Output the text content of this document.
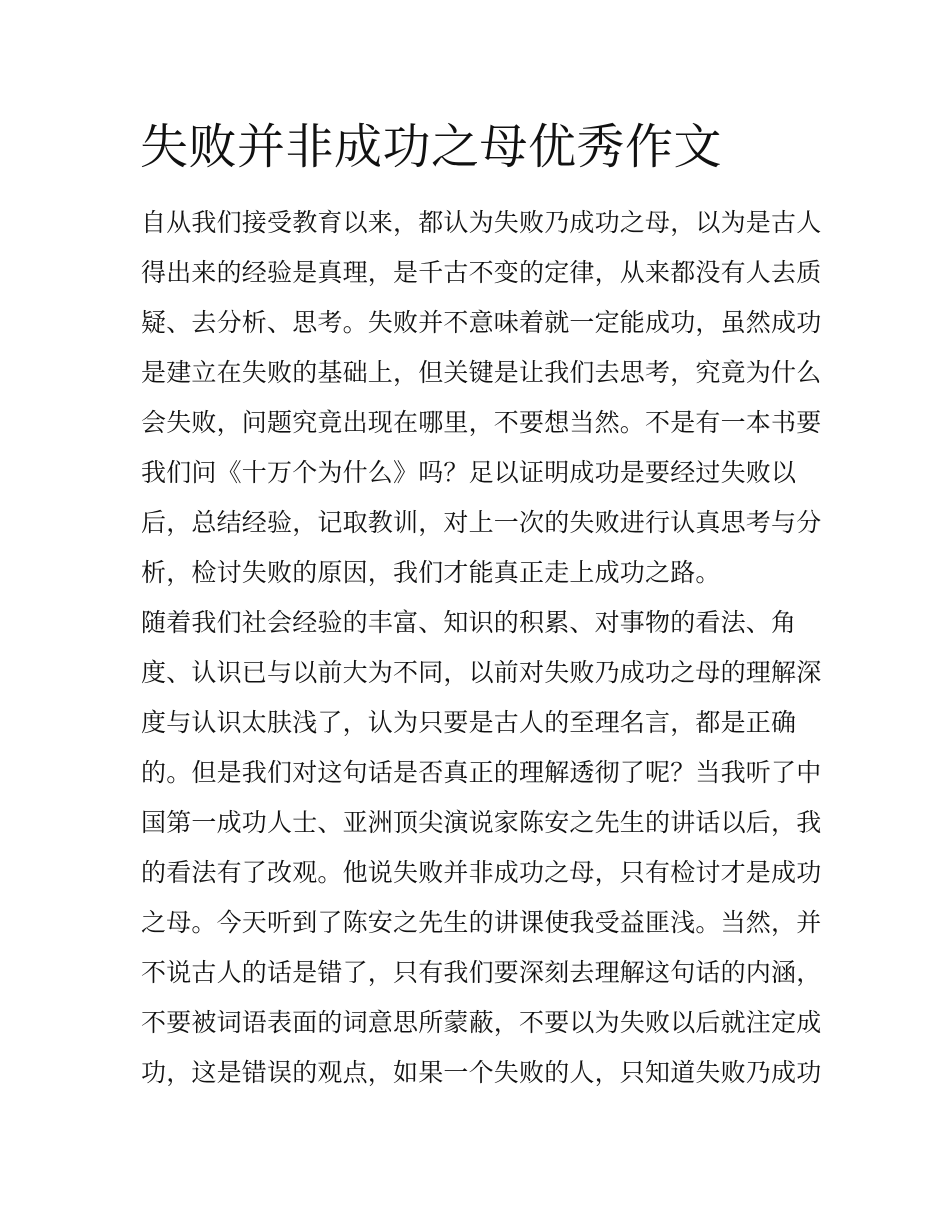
失败并非成功之母优秀作文
自从我们接受教育以来，都认为失败乃成功之母，以为是古人
得出来的经验是真理，是千古不变的定律，从来都没有人去质
疑、去分析、思考。失败并不意味着就一定能成功，虽然成功
是建立在失败的基础上，但关键是让我们去思考，究竟为什么
会失败，问题究竟出现在哪里，不要想当然。不是有一本书要
我们问《十万个为什么》吗？足以证明成功是要经过失败以
后，总结经验，记取教训，对上一次的失败进行认真思考与分
析，检讨失败的原因，我们才能真正走上成功之路。
随着我们社会经验的丰富、知识的积累、对事物的看法、角
度、认识已与以前大为不同，以前对失败乃成功之母的理解深
度与认识太肤浅了，认为只要是古人的至理名言，都是正确
的。但是我们对这句话是否真正的理解透彻了呢？当我听了中
国第一成功人士、亚洲顶尖演说家陈安之先生的讲话以后，我
的看法有了改观。他说失败并非成功之母，只有检讨才是成功
之母。今天听到了陈安之先生的讲课使我受益匪浅。当然，并
不说古人的话是错了，只有我们要深刻去理解这句话的内涵，
不要被词语表面的词意思所蒙蔽，不要以为失败以后就注定成
功，这是错误的观点，如果一个失败的人，只知道失败乃成功
